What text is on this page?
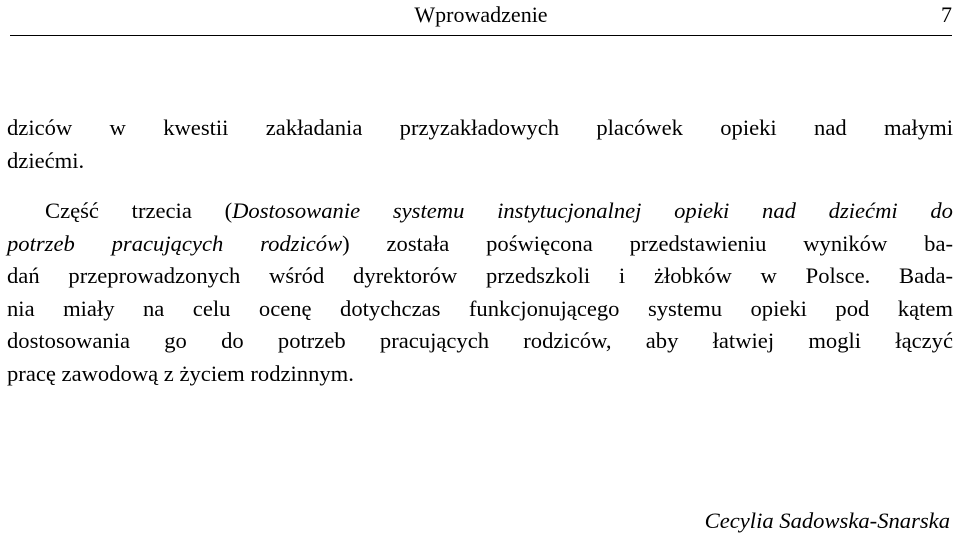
Wprowadzenie	7
dziców w kwestii zakładania przyzakładowych placówek opieki nad małymi
dziećmi.
Część trzecia (Dostosowanie systemu instytucjonalnej opieki nad dziećmi do
potrzeb pracujących rodziców) została poświęcona przedstawieniu wyników ba-
dań przeprowadzonych wśród dyrektorów przedszkoli i żłobków w Polsce. Bada-
nia miały na celu ocenę dotychczas funkcjonującego systemu opieki pod kątem
dostosowania go do potrzeb pracujących rodziców, aby łatwiej mogli łączyć
pracę zawodową z życiem rodzinnym.
Cecylia Sadowska-Snarska
